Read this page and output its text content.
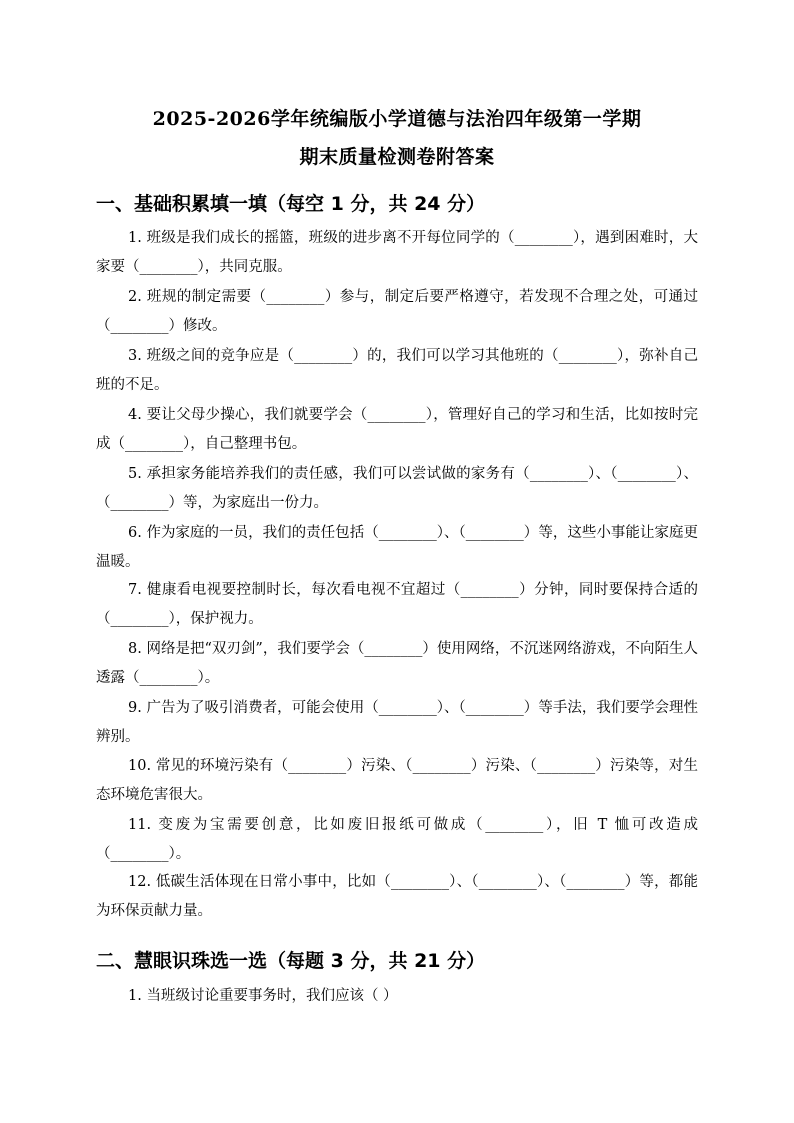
2025-2026学年统编版小学道德与法治四年级第一学期
期末质量检测卷附答案
一、基础积累填一填（每空 1 分，共 24 分）
1. 班级是我们成长的摇篮，班级的进步离不开每位同学的（________），遇到困难时，大家要（________），共同克服。
2. 班规的制定需要（________）参与，制定后要严格遵守，若发现不合理之处，可通过（________）修改。
3. 班级之间的竞争应是（________）的，我们可以学习其他班的（________），弥补自己班的不足。
4. 要让父母少操心，我们就要学会（________），管理好自己的学习和生活，比如按时完成（________），自己整理书包。
5. 承担家务能培养我们的责任感，我们可以尝试做的家务有（________）、（________）、（________）等，为家庭出一份力。
6. 作为家庭的一员，我们的责任包括（________）、（________）等，这些小事能让家庭更温暖。
7. 健康看电视要控制时长，每次看电视不宜超过（________）分钟，同时要保持合适的（________），保护视力。
8. 网络是把“双刃剑”，我们要学会（________）使用网络，不沉迷网络游戏，不向陌生人透露（________）。
9. 广告为了吸引消费者，可能会使用（________）、（________）等手法，我们要学会理性辨别。
10. 常见的环境污染有（________）污染、（________）污染、（________）污染等，对生态环境危害很大。
11. 变废为宝需要创意，比如废旧报纸可做成（________），旧 T 恤可改造成（________）。
12. 低碳生活体现在日常小事中，比如（________）、（________）、（________）等，都能为环保贡献力量。
二、慧眼识珠选一选（每题 3 分，共 21 分）
1. 当班级讨论重要事务时，我们应该（ ）
